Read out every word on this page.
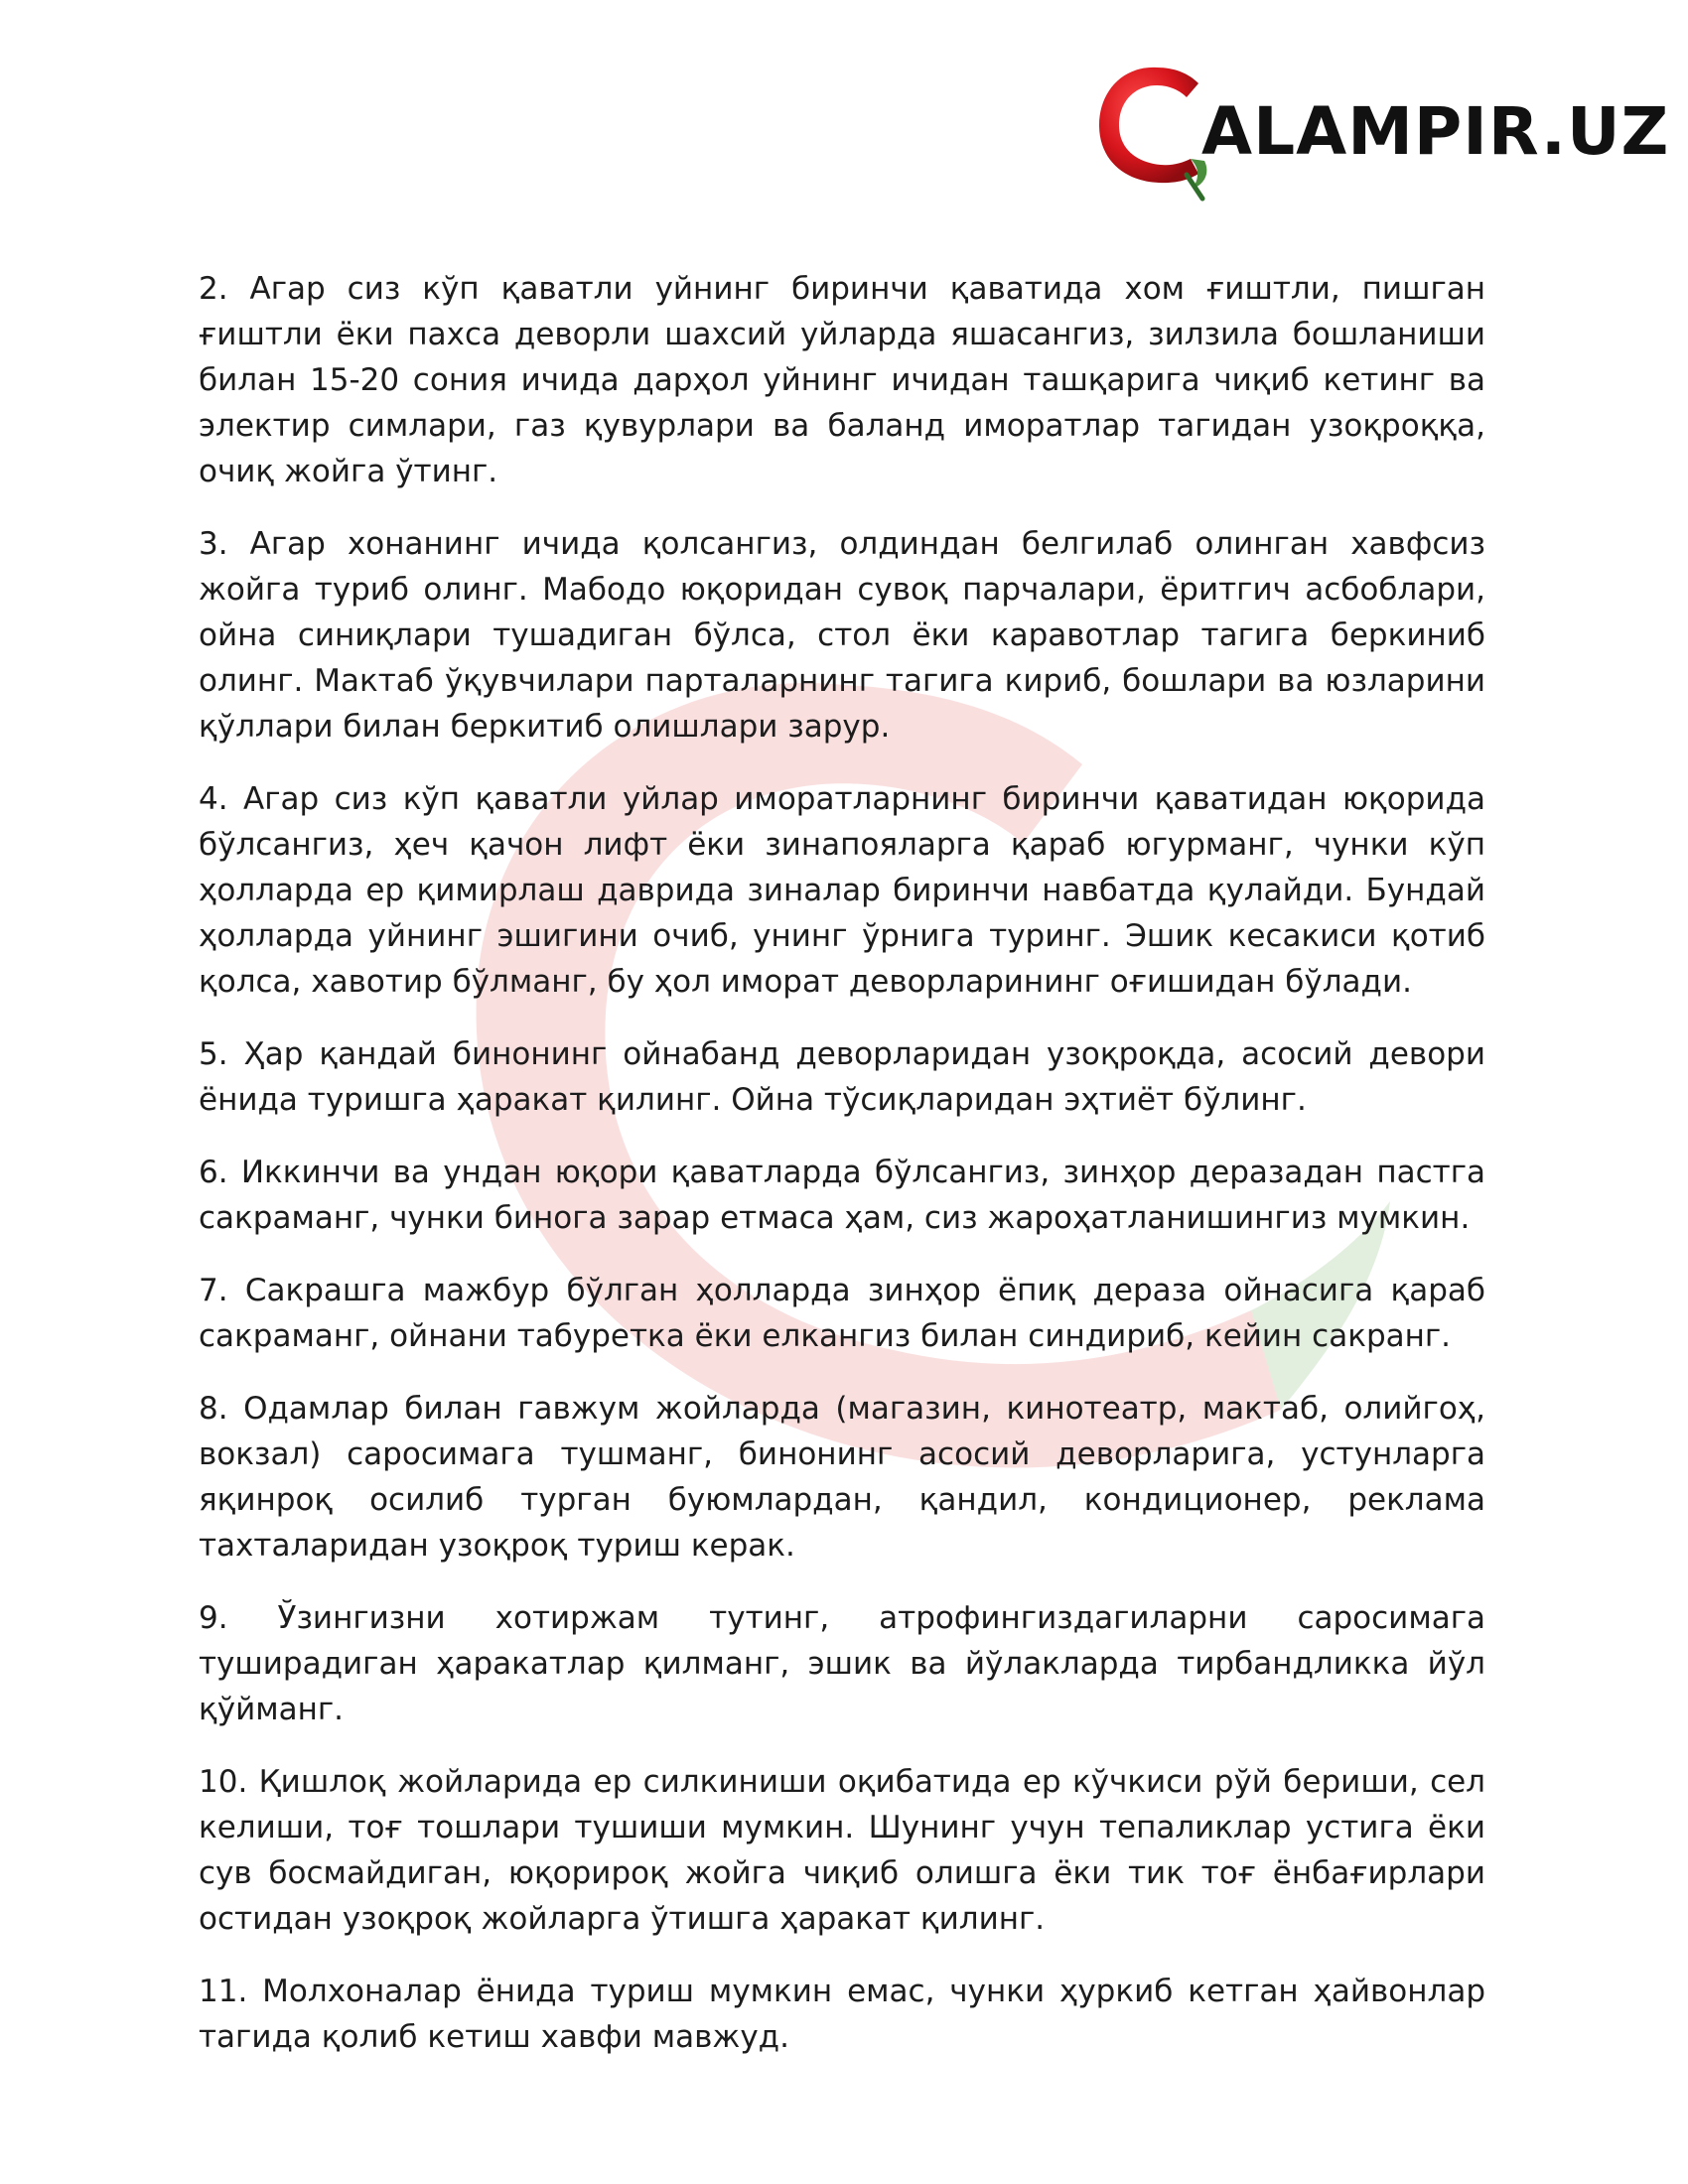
ALAMPIR.UZ

2. Агар сиз кўп қаватли уйнинг биринчи қаватида хом ғиштли, пишган ғиштли ёки пахса деворли шахсий уйларда яшасангиз, зилзила бошланиши билан 15-20 сония ичида дарҳол уйнинг ичидан ташқарига чиқиб кетинг ва электир симлари, газ қувурлари ва баланд иморатлар тагидан узоқроққа, очиқ жойга ўтинг.

3. Агар хонанинг ичида қолсангиз, олдиндан белгилаб олинган хавфсиз жойга туриб олинг. Мабодо юқоридан сувоқ парчалари, ёритгич асбоблари, ойна синиқлари тушадиган бўлса, стол ёки каравотлар тагига беркиниб олинг. Мактаб ўқувчилари парталарнинг тагига кириб, бошлари ва юзларини қўллари билан беркитиб олишлари зарур.

4. Агар сиз кўп қаватли уйлар иморатларнинг биринчи қаватидан юқорида бўлсангиз, ҳеч қачон лифт ёки зинапояларга қараб югурманг, чунки кўп ҳолларда ер қимирлаш даврида зиналар биринчи навбатда қулайди. Бундай ҳолларда уйнинг эшигини очиб, унинг ўрнига туринг. Эшик кесакиси қотиб қолса, хавотир бўлманг, бу ҳол иморат деворларининг оғишидан бўлади.

5. Ҳар қандай бинонинг ойнабанд деворларидан узоқроқда, асосий девори ёнида туришга ҳаракат қилинг. Ойна тўсиқларидан эҳтиёт бўлинг.

6. Иккинчи ва ундан юқори қаватларда бўлсангиз, зинҳор деразадан пастга сакраманг, чунки бинога зарар етмаса ҳам, сиз жароҳатланишингиз мумкин.

7. Сакрашга мажбур бўлган ҳолларда зинҳор ёпиқ дераза ойнасига қараб сакраманг, ойнани табуретка ёки елкангиз билан синдириб, кейин сакранг.

8. Одамлар билан гавжум жойларда (магазин, кинотеатр, мактаб, олийгоҳ, вокзал) саросимага тушманг, бинонинг асосий деворларига, устунларга яқинроқ осилиб турган буюмлардан, қандил, кондиционер, реклама тахталаридан узоқроқ туриш керак.

9. Ўзингизни хотиржам тутинг, атрофингиздагиларни саросимага туширадиган ҳаракатлар қилманг, эшик ва йўлакларда тирбандликка йўл қўйманг.

10. Қишлоқ жойларида ер силкиниши оқибатида ер кўчкиси рўй бериши, сел келиши, тоғ тошлари тушиши мумкин. Шунинг учун тепаликлар устига ёки сув босмайдиган, юқорироқ жойга чиқиб олишга ёки тик тоғ ёнбағирлари остидан узоқроқ жойларга ўтишга ҳаракат қилинг.

11. Молхоналар ёнида туриш мумкин емас, чунки ҳуркиб кетган ҳайвонлар тагида қолиб кетиш хавфи мавжуд.
